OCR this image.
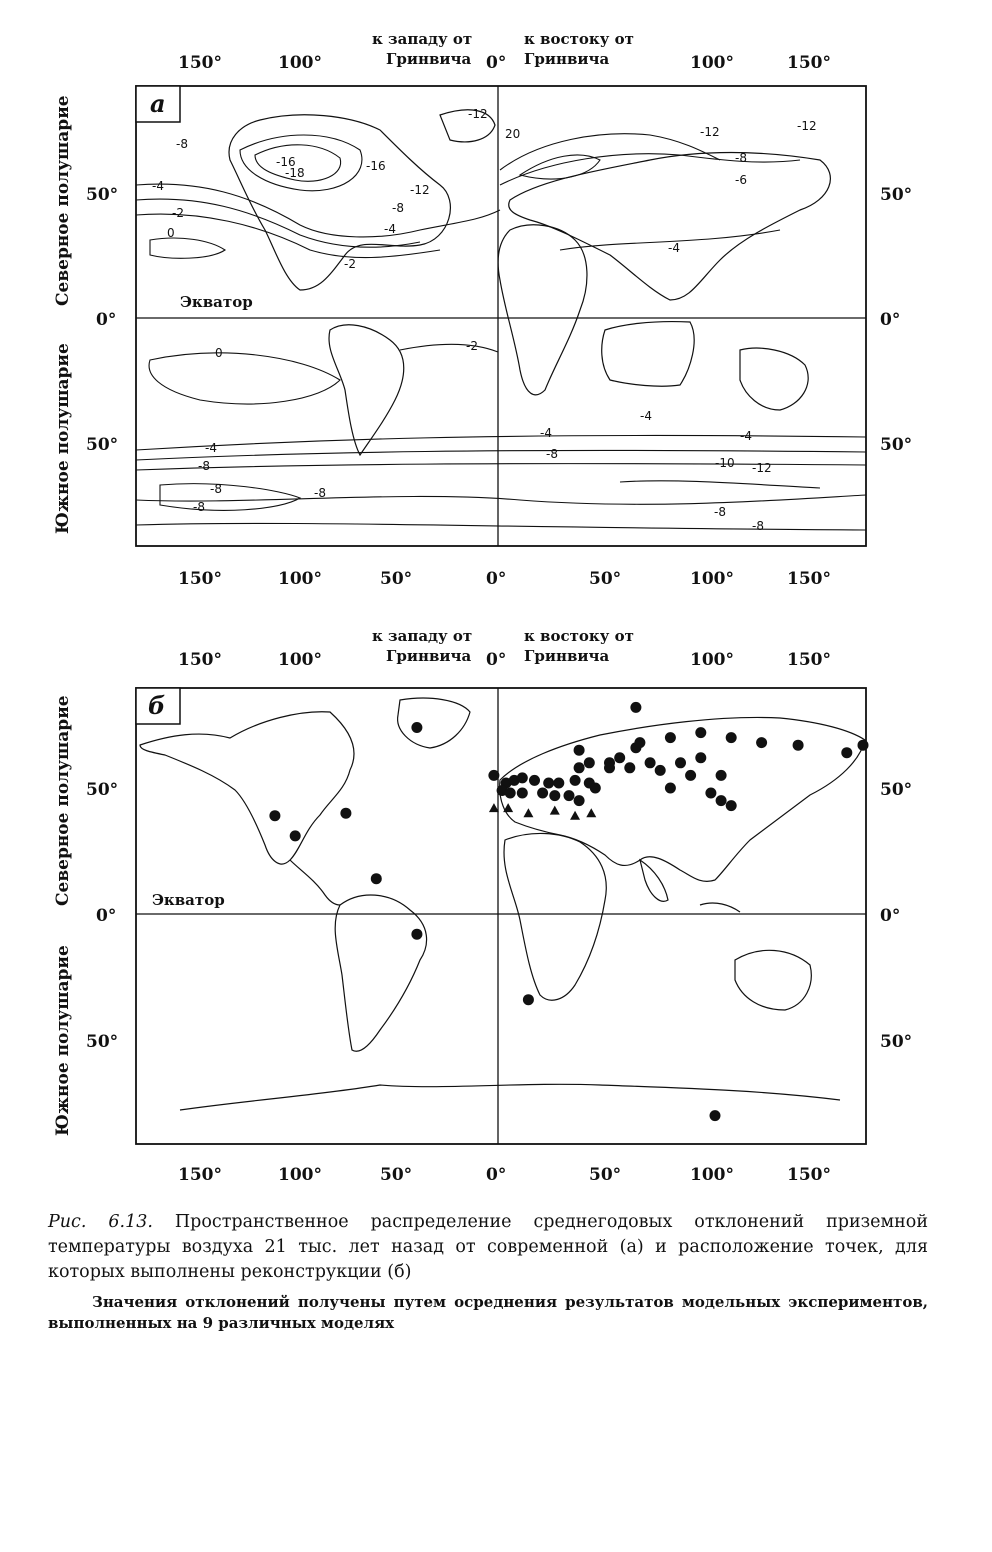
150°	100°
к западу от
Гринвича 0°
к востоку от
Гринвича	100°	150°
а
Экватор
-12
-8
-16
-18	-16
-12
20	-12	-12
-8
-6
-4
-2
0
-8
-4
-4
-2
-2
0
-4
-4
-4	-4
-8
-8
-8
-10 -12
-8
-8	-8
-8
150°	100°	50°	0°	50°	100°	150°
50°
0°
50°
50°
0°
50°
Северное полушарие
Южное полушарие
150°	100°
к западу от
Гринвича 0°
к востоку от
Гринвича	100°	150°
б
Экватор
150°	100°	50°	0°	50°	100°	150°
50°
0°
50°
50°
0°
50°
Северное полушарие
Южное полушарие
Рис. 6.13. Пространственное распределение среднегодовых отклонений приземной температуры воздуха 21 тыс. лет назад от современной (а) и расположение точек, для которых выполнены реконструкции (б)
Значения отклонений получены путем осреднения результатов модельных экспериментов, выполненных на 9 различных моделях
